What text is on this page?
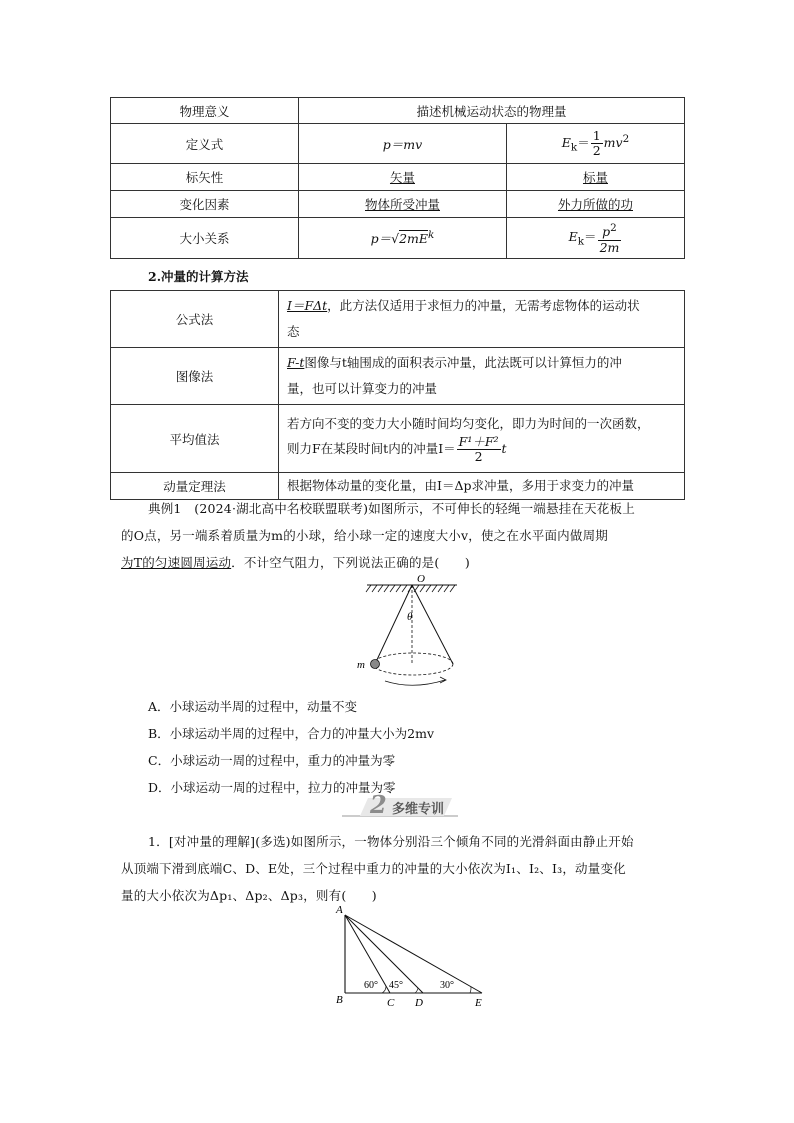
物理意义	描述机械运动状态的物理量	
定义式	p＝mv	$E_k= \frac{1}{2} mv^2$
标矢性	矢量	标量
变化因素	物体所受冲量	外力所做的功
大小关系	$p=√2mE^k$	$E_k= \frac{p^2}{2m}$
2.冲量的计算方法
公式法	I＝FΔt，此方法仅适用于求恒力的冲量，无需考虑物体的运动状
态
图像法	F-t图像与t轴围成的面积表示冲量，此法既可以计算恒力的冲
量，也可以计算变力的冲量
平均值法	若方向不变的变力大小随时间均匀变化，即力为时间的一次函数，
则力F在某段时间t内的冲量$I= \frac{\text{F¹＋F²}}{2}$ t
动量定理法	根据物体动量的变化量，由I＝Δp求冲量，多用于求变力的冲量
典例1　(2024·湖北高中名校联盟联考)如图所示，不可伸长的轻绳一端悬挂在天花板上
的O点，另一端系着质量为m的小球，给小球一定的速度大小v，使之在水平面内做周期
为T的匀速圆周运动．不计空气阻力，下列说法正确的是(　　)
O
θ
m
A．小球运动半周的过程中，动量不变
B．小球运动半周的过程中，合力的冲量大小为2mv
C．小球运动一周的过程中，重力的冲量为零
D．小球运动一周的过程中，拉力的冲量为零
2 多维专训
1．[对冲量的理解](多选)如图所示，一物体分别沿三个倾角不同的光滑斜面由静止开始
从顶端下滑到底端C、D、E处，三个过程中重力的冲量的大小依次为I₁、I₂、I₃，动量变化
量的大小依次为Δp₁、Δp₂、Δp₃，则有(　　)
A
B	C D	E
60° 45°	30°
